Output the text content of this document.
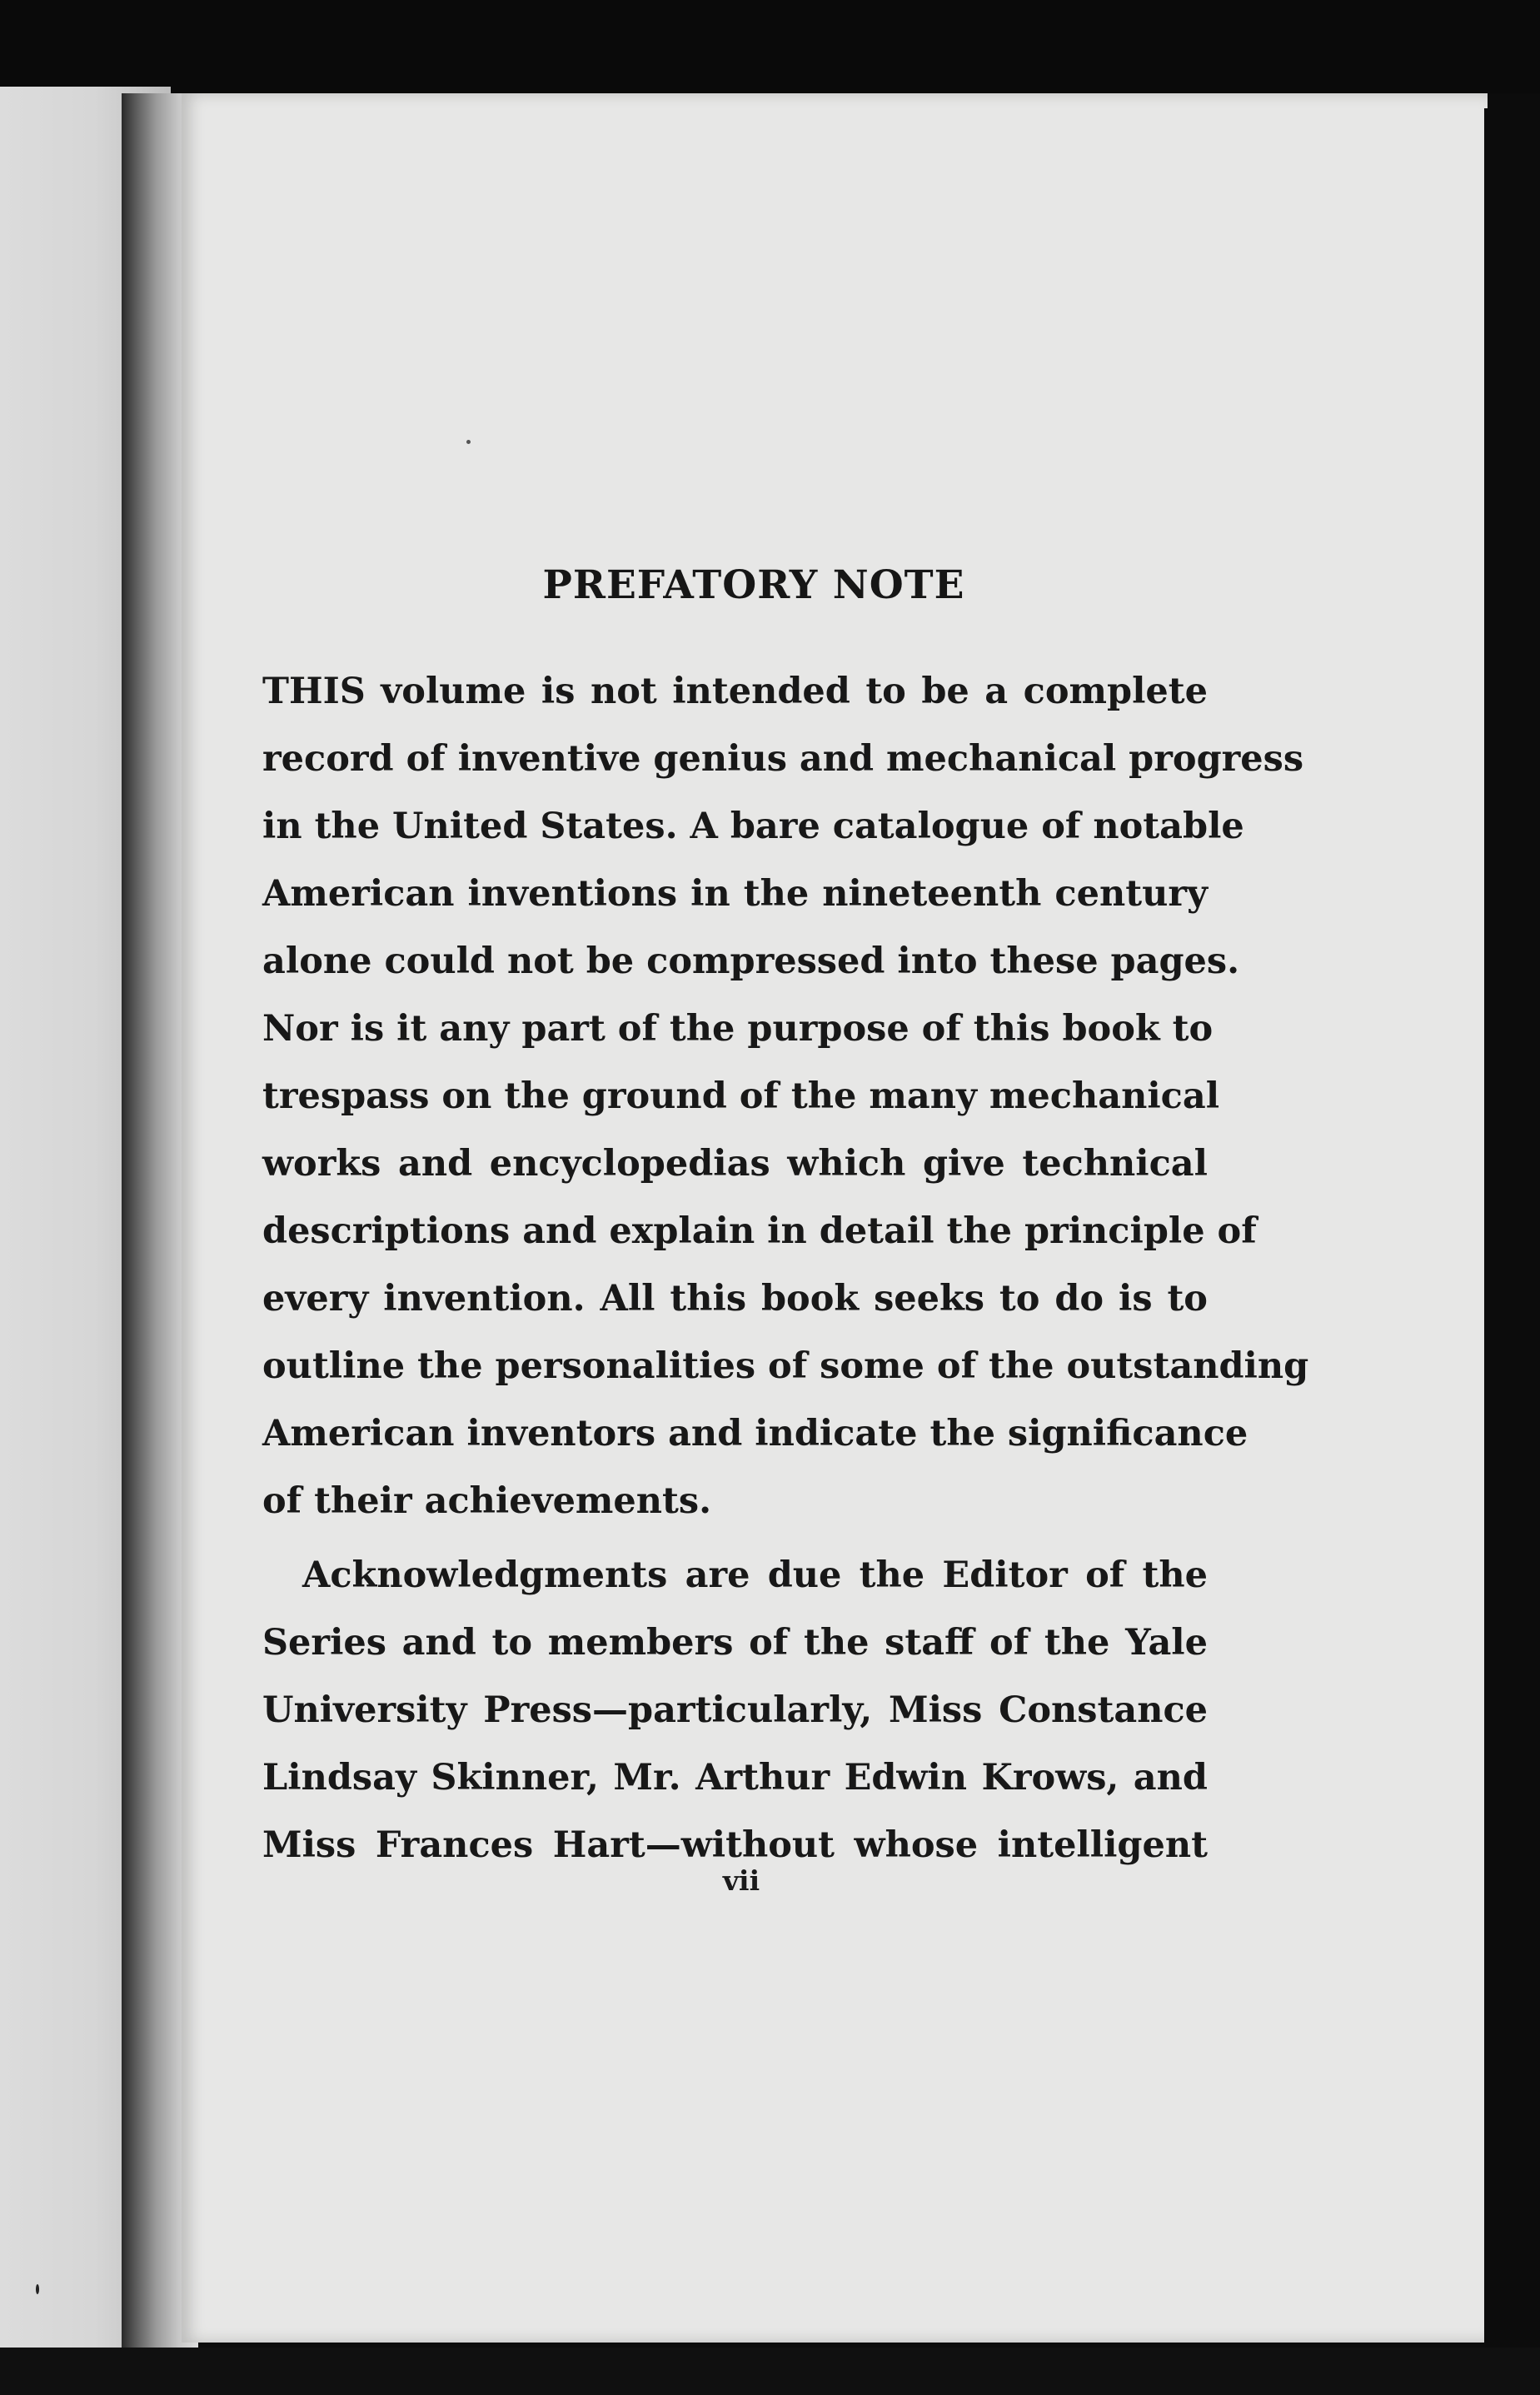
PREFATORY NOTE

THIS volume is not intended to be a complete
record of inventive genius and mechanical progress
in the United States. A bare catalogue of notable
American inventions in the nineteenth century
alone could not be compressed into these pages.
Nor is it any part of the purpose of this book to
trespass on the ground of the many mechanical
works and encyclopedias which give technical
descriptions and explain in detail the principle of
every invention. All this book seeks to do is to
outline the personalities of some of the outstanding
American inventors and indicate the significance
of their achievements.

Acknowledgments are due the Editor of the
Series and to members of the staff of the Yale
University Press—particularly, Miss Constance
Lindsay Skinner, Mr. Arthur Edwin Krows, and
Miss Frances Hart—without whose intelligent

vii
